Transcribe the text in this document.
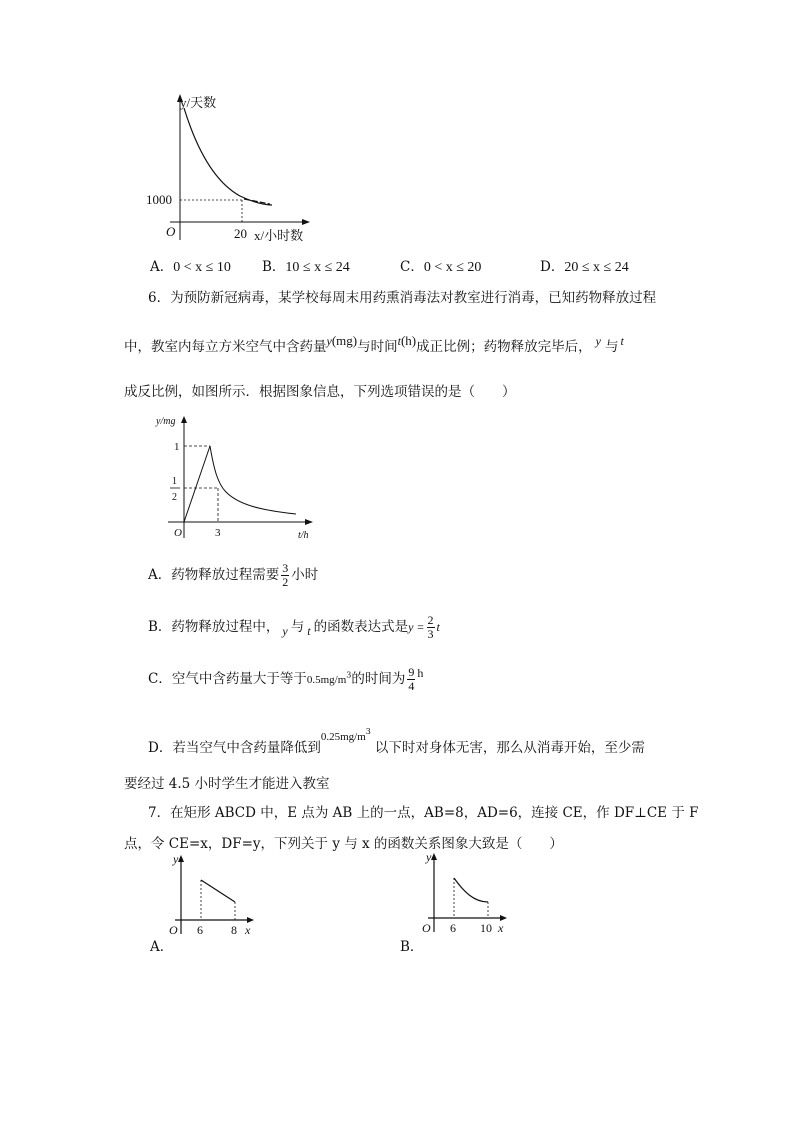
y/天数
1000
O	20 x/小时数
A．0 < x ≤ 10 B．10 ≤ x ≤ 24	C．0 < x ≤ 20	D．20 ≤ x ≤ 24
6．为预防新冠病毒，某学校每周末用药熏消毒法对教室进行消毒，已知药物释放过程
中，教室内每立方米空气中含药量y(mg)与时间t(h)成正比例；药物释放完毕后， y 与 t
成反比例，如图所示．根据图象信息，下列选项错误的是（　　）
y/mg
1
1
2
O	3	t/h
A．药物释放过程需要 $\frac{3}{2}$ 小时
B．药物释放过程中， y 与 t 的函数表达式是$y = \frac{2}{3}$ t
C．空气中含药量大于等于$0.5mg/m^3$的时间为 $\frac{9}{4}$ h
D．若当空气中含药量降低到$^{0.25mg/m3}$以下时对身体无害，那么从消毒开始，至少需
要经过 4.5 小时学生才能进入教室
7．在矩形 ABCD 中，E 点为 AB 上的一点，AB=8，AD=6，连接 CE，作 DF⊥CE 于 F
点，令 CE=x，DF=y，下列关于 y 与 x 的函数关系图象大致是（　　）
y
O 6 8 x
A．
y
O 6 10 x
B．
